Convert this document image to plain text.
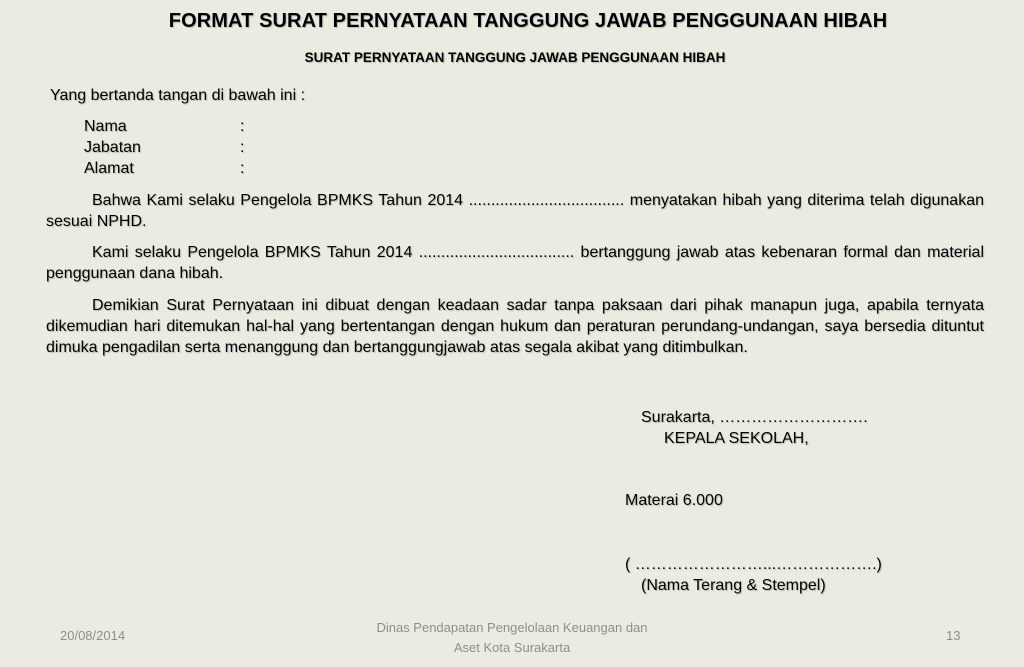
FORMAT SURAT PERNYATAAN TANGGUNG JAWAB PENGGUNAAN HIBAH
SURAT PERNYATAAN TANGGUNG JAWAB PENGGUNAAN HIBAH
Yang bertanda tangan di bawah ini :
Nama	:
Jabatan	:
Alamat	:
Bahwa Kami selaku Pengelola BPMKS Tahun 2014 ................................... menyatakan hibah yang diterima telah digunakan sesuai NPHD.
Kami selaku Pengelola BPMKS Tahun 2014 ................................... bertanggung jawab atas kebenaran formal dan material penggunaan dana hibah.
Demikian Surat Pernyataan ini dibuat dengan keadaan sadar tanpa paksaan dari pihak manapun juga, apabila ternyata dikemudian hari ditemukan hal-hal yang bertentangan dengan hukum dan peraturan perundang-undangan, saya bersedia dituntut dimuka pengadilan serta menanggung dan bertanggungjawab atas segala akibat yang ditimbulkan.
Surakarta, ……………………….
KEPALA SEKOLAH,
Materai 6.000
( ……………………...……………….)
(Nama Terang & Stempel)
20/08/2014
Dinas Pendapatan Pengelolaan Keuangan dan
Aset Kota Surakarta
13
